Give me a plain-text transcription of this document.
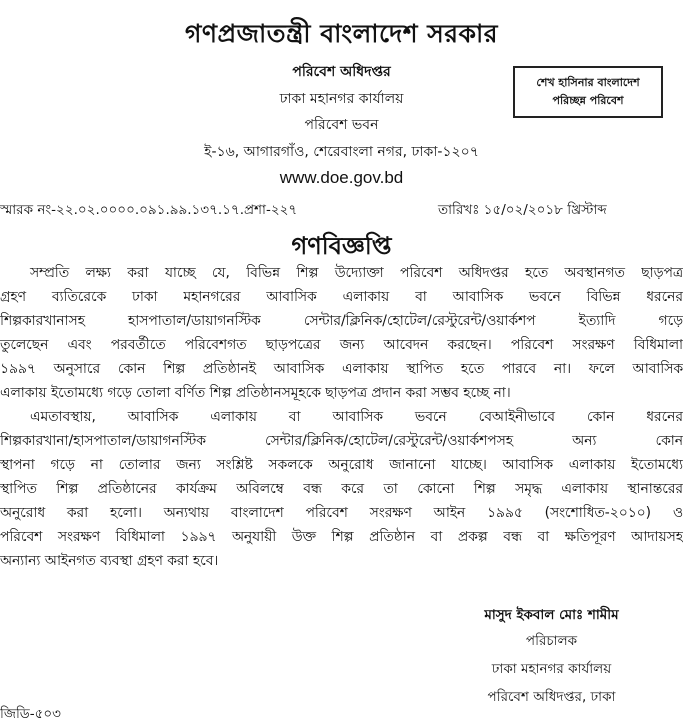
গণপ্রজাতন্ত্রী বাংলাদেশ সরকার
পরিবেশ অধিদপ্তর
ঢাকা মহানগর কার্যালয়
পরিবেশ ভবন
ই-১৬, আগারগাঁও, শেরেবাংলা নগর, ঢাকা-১২০৭
www.doe.gov.bd
শেখ হাসিনার বাংলাদেশ
পরিচ্ছন্ন পরিবেশ
স্মারক নং-২২.০২.০০০০.০৯১.৯৯.১৩৭.১৭.প্রশা-২২৭	তারিখঃ ১৫/০২/২০১৮ খ্রিস্টাব্দ
গণবিজ্ঞপ্তি
সম্প্রতি লক্ষ্য করা যাচ্ছে যে, বিভিন্ন শিল্প উদ্যোক্তা পরিবেশ অধিদপ্তর হতে অবস্থানগত ছাড়পত্র
গ্রহণ ব্যতিরেকে ঢাকা মহানগরের আবাসিক এলাকায় বা আবাসিক ভবনে বিভিন্ন ধরনের
শিল্পকারখানাসহ হাসপাতাল/ডায়াগনস্টিক সেন্টার/ক্লিনিক/হোটেল/রেস্টুরেন্ট/ওয়ার্কশপ ইত্যাদি গড়ে
তুলেছেন এবং পরবর্তীতে পরিবেশগত ছাড়পত্রের জন্য আবেদন করছেন। পরিবেশ সংরক্ষণ বিধিমালা
১৯৯৭ অনুসারে কোন শিল্প প্রতিষ্ঠানই আবাসিক এলাকায় স্থাপিত হতে পারবে না। ফলে আবাসিক
এলাকায় ইতোমধ্যে গড়ে তোলা বর্ণিত শিল্প প্রতিষ্ঠানসমূহকে ছাড়পত্র প্রদান করা সম্ভব হচ্ছে না।
এমতাবস্থায়, আবাসিক এলাকায় বা আবাসিক ভবনে বেআইনীভাবে কোন ধরনের
শিল্পকারখানা/হাসপাতাল/ডায়াগনস্টিক সেন্টার/ক্লিনিক/হোটেল/রেস্টুরেন্ট/ওয়ার্কশপসহ অন্য কোন
স্থাপনা গড়ে না তোলার জন্য সংশ্লিষ্ট সকলকে অনুরোধ জানানো যাচ্ছে। আবাসিক এলাকায় ইতোমধ্যে
স্থাপিত শিল্প প্রতিষ্ঠানের কার্যক্রম অবিলম্বে বন্ধ করে তা কোনো শিল্প সমৃদ্ধ এলাকায় স্থানান্তরের
অনুরোধ করা হলো। অন্যথায় বাংলাদেশ পরিবেশ সংরক্ষণ আইন ১৯৯৫ (সংশোধিত-২০১০) ও
পরিবেশ সংরক্ষণ বিধিমালা ১৯৯৭ অনুযায়ী উক্ত শিল্প প্রতিষ্ঠান বা প্রকল্প বন্ধ বা ক্ষতিপূরণ আদায়সহ
অন্যান্য আইনগত ব্যবস্থা গ্রহণ করা হবে।
মাসুদ ইকবাল মোঃ শামীম
পরিচালক
ঢাকা মহানগর কার্যালয়
পরিবেশ অধিদপ্তর, ঢাকা
জিডি-৫০৩
